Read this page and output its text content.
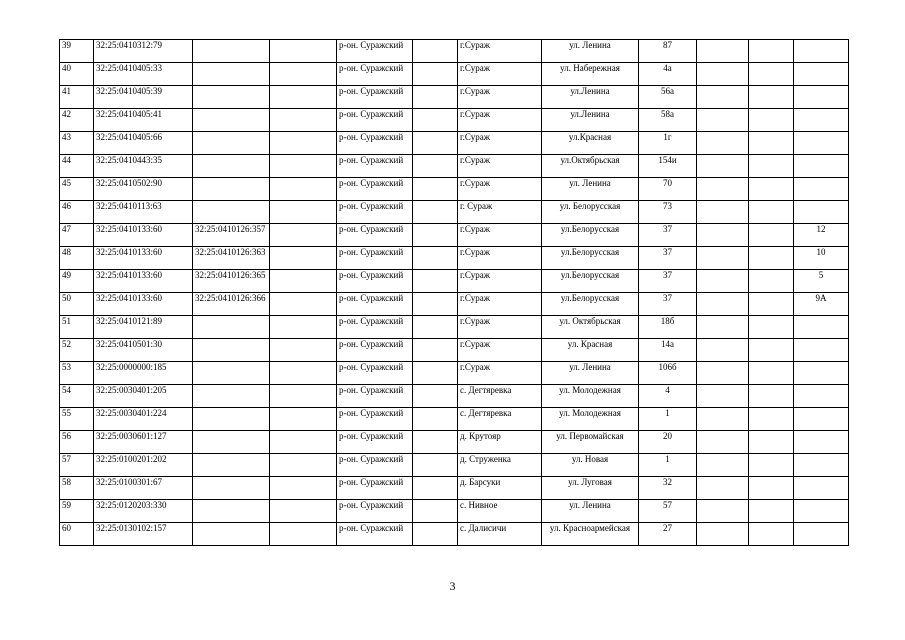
39	32:25:0410312:79			р-он. Суражский		г.Сураж	ул. Ленина	87			
40	32:25:0410405:33			р-он. Суражский		г.Сураж	ул. Набережная	4а			
41	32:25:0410405:39			р-он. Суражский		г.Сураж	ул.Ленина	56а			
42	32:25:0410405:41			р-он. Суражский		г.Сураж	ул.Ленина	58а			
43	32:25:0410405:66			р-он. Суражский		г.Сураж	ул.Красная	1г			
44	32:25:0410443:35			р-он. Суражский		г.Сураж	ул.Октябрьская	154и			
45	32:25:0410502:90			р-он. Суражский		г.Сураж	ул. Ленина	70			
46	32:25:0410113:63			р-он. Суражский		г. Сураж	ул. Белорусская	73			
47	32:25:0410133:60	32:25:0410126:357		р-он. Суражский		г.Сураж	ул.Белорусская	37			12
48	32:25:0410133:60	32:25:0410126:363		р-он. Суражский		г.Сураж	ул.Белорусская	37			10
49	32:25:0410133:60	32:25:0410126:365		р-он. Суражский		г.Сураж	ул.Белорусская	37			5
50	32:25:0410133:60	32:25:0410126:366		р-он. Суражский		г.Сураж	ул.Белорусская	37			9А
51	32:25:0410121:89			р-он. Суражский		г.Сураж	ул. Октябрьская	18б			
52	32:25:0410501:30			р-он. Суражский		г.Сураж	ул. Красная	14а			
53	32:25:0000000:185			р-он. Суражский		г.Сураж	ул. Ленина	106б			
54	32:25:0030401:205			р-он. Суражский		с. Дегтяревка	ул. Молодежная	4			
55	32:25:0030401:224			р-он. Суражский		с. Дегтяревка	ул. Молодежная	1			
56	32:25:0030601:127			р-он. Суражский		д. Крутояр	ул. Первомайская	20			
57	32:25:0100201:202			р-он. Суражский		д. Струженка	ул. Новая	1			
58	32:25:0100301:67			р-он. Суражский		д. Барсуки	ул. Луговая	32			
59	32:25:0120203:330			р-он. Суражский		с. Нивное	ул. Ленина	57			
60	32:25:0130102:157			р-он. Суражский		с. Далисичи	ул. Красноармейская	27			
3
